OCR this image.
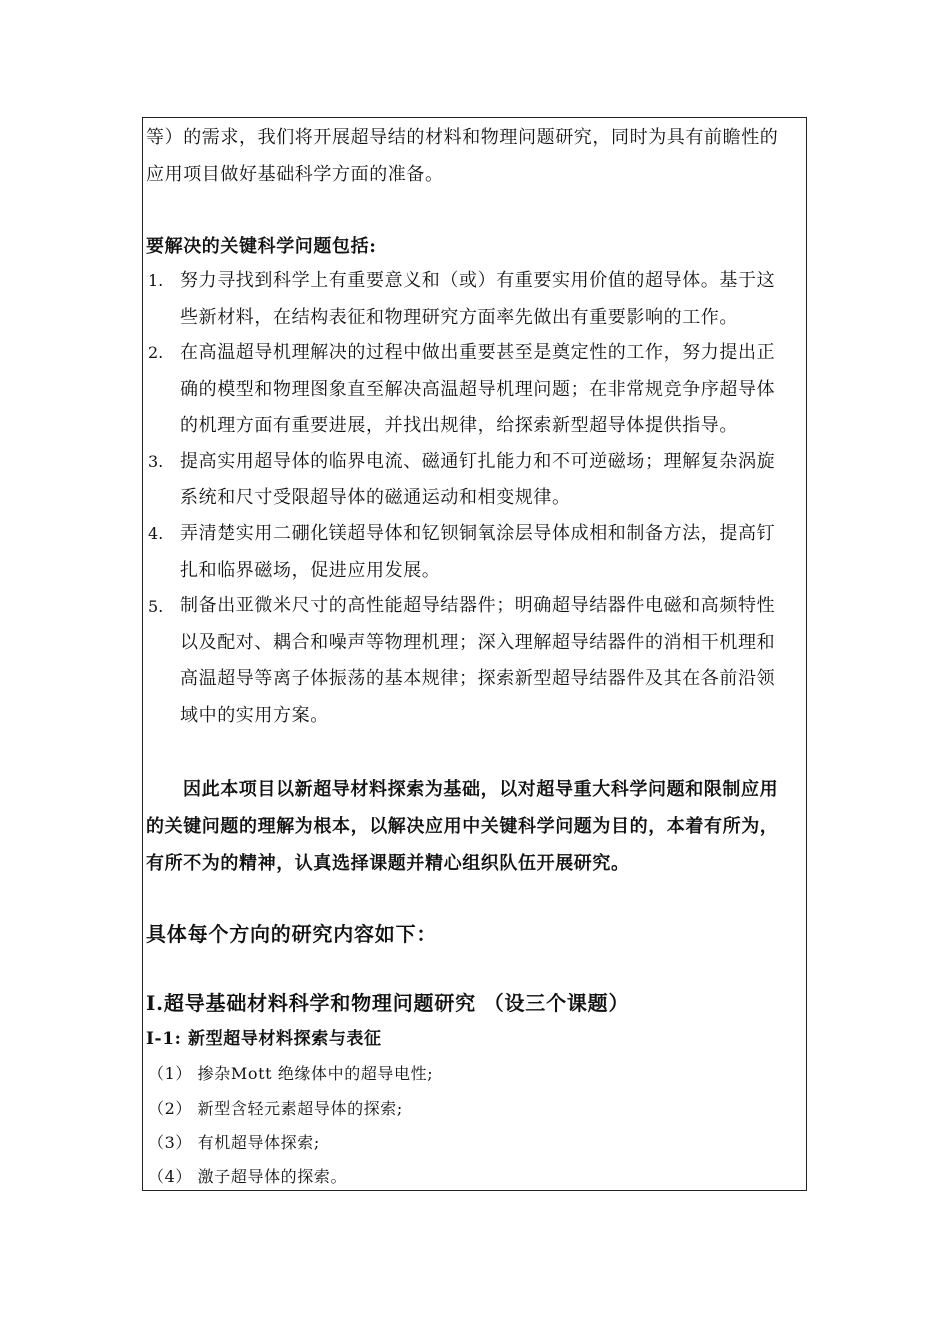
等）的需求，我们将开展超导结的材料和物理问题研究，同时为具有前瞻性的
应用项目做好基础科学方面的准备。
要解决的关键科学问题包括:
1. 努力寻找到科学上有重要意义和（或）有重要实用价值的超导体。基于这
些新材料，在结构表征和物理研究方面率先做出有重要影响的工作。
2. 在高温超导机理解决的过程中做出重要甚至是奠定性的工作，努力提出正
确的模型和物理图象直至解决高温超导机理问题；在非常规竞争序超导体
的机理方面有重要进展，并找出规律，给探索新型超导体提供指导。
3. 提高实用超导体的临界电流、磁通钉扎能力和不可逆磁场；理解复杂涡旋
系统和尺寸受限超导体的磁通运动和相变规律。
4. 弄清楚实用二硼化镁超导体和钇钡铜氧涂层导体成相和制备方法，提高钉
扎和临界磁场，促进应用发展。
5. 制备出亚微米尺寸的高性能超导结器件；明确超导结器件电磁和高频特性
以及配对、耦合和噪声等物理机理；深入理解超导结器件的消相干机理和
高温超导等离子体振荡的基本规律；探索新型超导结器件及其在各前沿领
域中的实用方案。
因此本项目以新超导材料探索为基础，以对超导重大科学问题和限制应用
的关键问题的理解为根本，以解决应用中关键科学问题为目的，本着有所为，
有所不为的精神，认真选择课题并精心组织队伍开展研究。
具体每个方向的研究内容如下：
I.超导基础材料科学和物理问题研究 （设三个课题）
I-1: 新型超导材料探索与表征
（1） 掺杂Mott 绝缘体中的超导电性;
（2） 新型含轻元素超导体的探索;
（3） 有机超导体探索;
（4） 激子超导体的探索。
